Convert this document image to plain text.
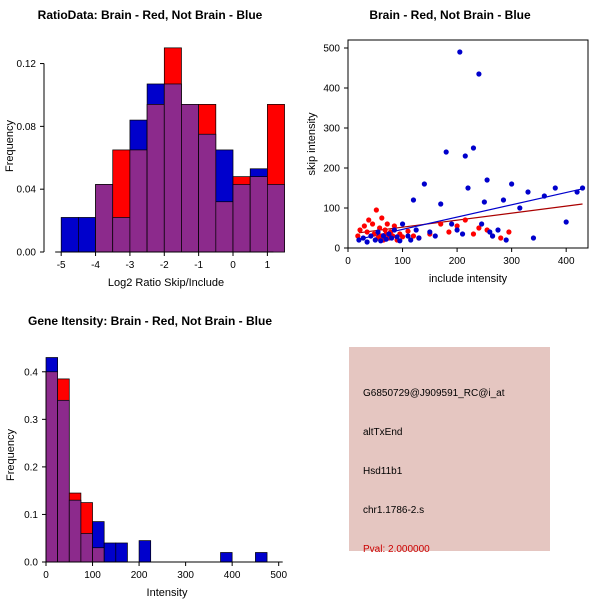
RatioData: Brain - Red, Not Brain - Blue
-5	-4	-3	-2	-1	0	1
0.00
0.04
0.08
0.12
Log2 Ratio Skip/Include
Frequency
Brain - Red, Not Brain - Blue
0	100	200	300	400
0
100
200
300
400
500
include intensity
skip intensity
Gene Itensity: Brain - Red, Not Brain - Blue
0	100	200	300	400	500
0.0
0.1
0.2
0.3
0.4
Intensity
Frequency
G6850729@J909591_RC@i_at
altTxEnd
Hsd11b1
chr1.1786-2.s
Pval: 2.000000
